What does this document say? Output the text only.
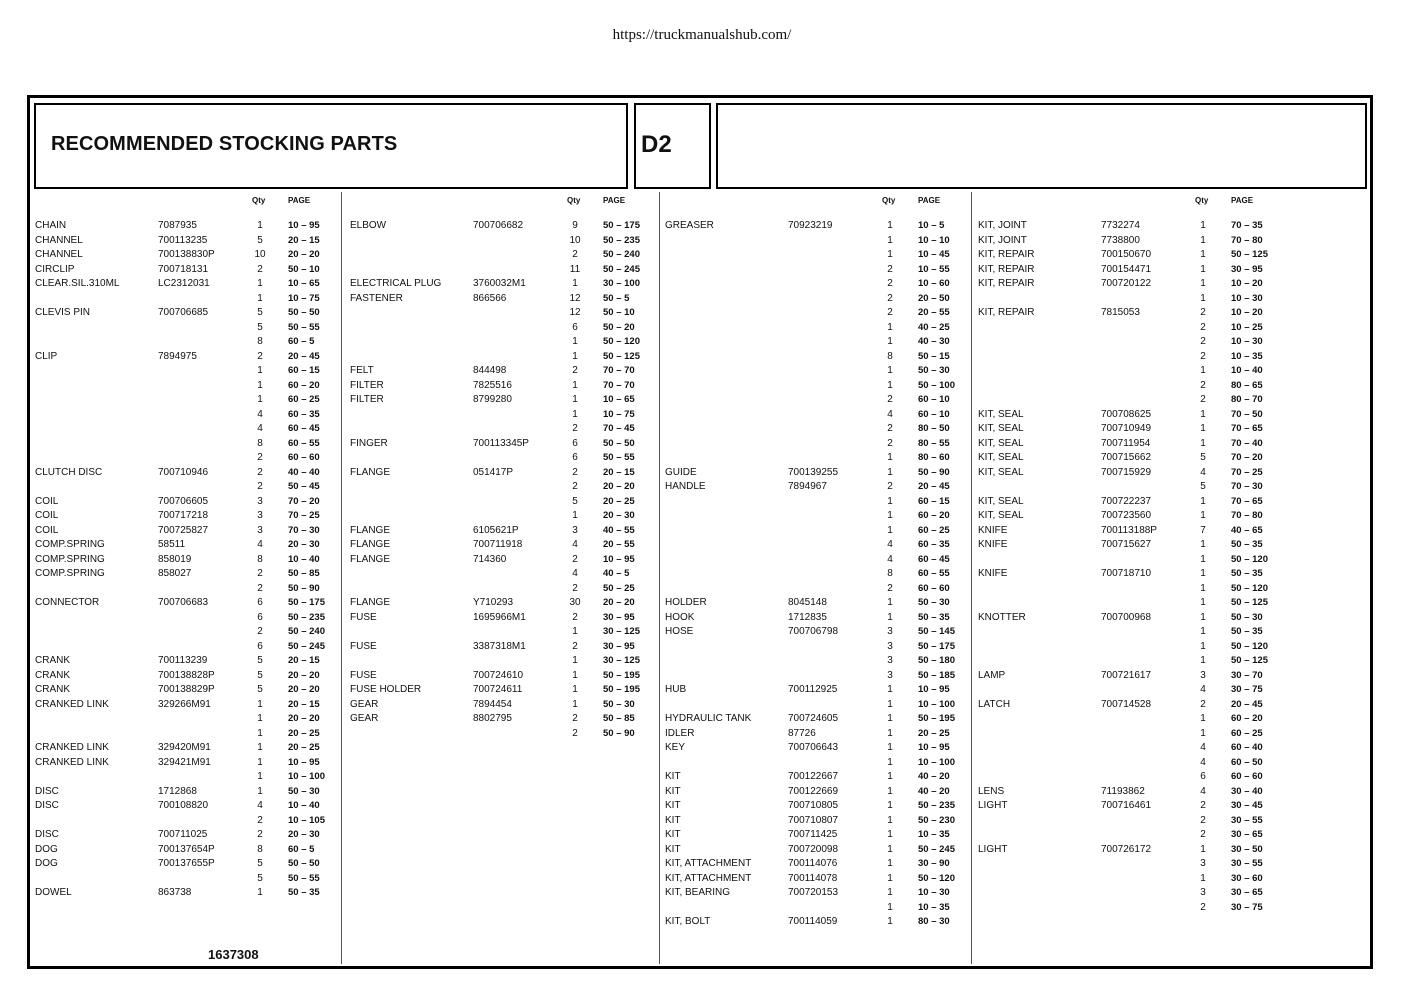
https://truckmanualshub.com/
RECOMMENDED STOCKING PARTS	D2
Qty	PAGE
CHAIN	7087935	1	10 – 95
CHANNEL	700113235	5	20 – 15
CHANNEL	700138830P	10	20 – 20
CIRCLIP	700718131	2	50 – 10
CLEAR.SIL.310ML	LC2312031	1	10 – 65
1	10 – 75
CLEVIS PIN	700706685	5	50 – 50
5	50 – 55
8	60 – 5
CLIP	7894975	2	20 – 45
1	60 – 15
1	60 – 20
1	60 – 25
4	60 – 35
4	60 – 45
8	60 – 55
2	60 – 60
CLUTCH DISC	700710946	2	40 – 40
2	50 – 45
COIL	700706605	3	70 – 20
COIL	700717218	3	70 – 25
COIL	700725827	3	70 – 30
COMP.SPRING	58511	4	20 – 30
COMP.SPRING	858019	8	10 – 40
COMP.SPRING	858027	2	50 – 85
2	50 – 90
CONNECTOR	700706683	6	50 – 175
6	50 – 235
2	50 – 240
6	50 – 245
CRANK	700113239	5	20 – 15
CRANK	700138828P	5	20 – 20
CRANK	700138829P	5	20 – 20
CRANKED LINK	329266M91	1	20 – 15
1	20 – 20
1	20 – 25
CRANKED LINK	329420M91	1	20 – 25
CRANKED LINK	329421M91	1	10 – 95
1	10 – 100
DISC	1712868	1	50 – 30
DISC	700108820	4	10 – 40
2	10 – 105
DISC	700711025	2	20 – 30
DOG	700137654P	8	60 – 5
DOG	700137655P	5	50 – 50
5	50 – 55
DOWEL	863738	1	50 – 35
Qty	PAGE
ELBOW	700706682	9	50 – 175
10	50 – 235
2	50 – 240
11	50 – 245
ELECTRICAL PLUG	3760032M1	1	30 – 100
FASTENER	866566	12	50 – 5
12	50 – 10
6	50 – 20
1	50 – 120
1	50 – 125
FELT	844498	2	70 – 70
FILTER	7825516	1	70 – 70
FILTER	8799280	1	10 – 65
1	10 – 75
2	70 – 45
FINGER	700113345P	6	50 – 50
6	50 – 55
FLANGE	051417P	2	20 – 15
2	20 – 20
5	20 – 25
1	20 – 30
FLANGE	6105621P	3	40 – 55
FLANGE	700711918	4	20 – 55
FLANGE	714360	2	10 – 95
4	40 – 5
2	50 – 25
FLANGE	Y710293	30	20 – 20
FUSE	1695966M1	2	30 – 95
1	30 – 125
FUSE	3387318M1	2	30 – 95
1	30 – 125
FUSE	700724610	1	50 – 195
FUSE HOLDER	700724611	1	50 – 195
GEAR	7894454	1	50 – 30
GEAR	8802795	2	50 – 85
2	50 – 90
Qty	PAGE
GREASER	70923219	1	10 – 5
1	10 – 10
1	10 – 45
2	10 – 55
2	10 – 60
2	20 – 50
2	20 – 55
1	40 – 25
1	40 – 30
8	50 – 15
1	50 – 30
1	50 – 100
2	60 – 10
4	60 – 10
2	80 – 50
2	80 – 55
1	80 – 60
GUIDE	700139255	1	50 – 90
HANDLE	7894967	2	20 – 45
1	60 – 15
1	60 – 20
1	60 – 25
4	60 – 35
4	60 – 45
8	60 – 55
2	60 – 60
HOLDER	8045148	1	50 – 30
HOOK	1712835	1	50 – 35
HOSE	700706798	3	50 – 145
3	50 – 175
3	50 – 180
3	50 – 185
HUB	700112925	1	10 – 95
1	10 – 100
HYDRAULIC TANK	700724605	1	50 – 195
IDLER	87726	1	20 – 25
KEY	700706643	1	10 – 95
1	10 – 100
KIT	700122667	1	40 – 20
KIT	700122669	1	40 – 20
KIT	700710805	1	50 – 235
KIT	700710807	1	50 – 230
KIT	700711425	1	10 – 35
KIT	700720098	1	50 – 245
KIT, ATTACHMENT	700114076	1	30 – 90
KIT, ATTACHMENT	700114078	1	50 – 120
KIT, BEARING	700720153	1	10 – 30
1	10 – 35
KIT, BOLT	700114059	1	80 – 30
Qty	PAGE
KIT, JOINT	7732274	1	70 – 35
KIT, JOINT	7738800	1	70 – 80
KIT, REPAIR	700150670	1	50 – 125
KIT, REPAIR	700154471	1	30 – 95
KIT, REPAIR	700720122	1	10 – 20
1	10 – 30
KIT, REPAIR	7815053	2	10 – 20
2	10 – 25
2	10 – 30
2	10 – 35
1	10 – 40
2	80 – 65
2	80 – 70
KIT, SEAL	700708625	1	70 – 50
KIT, SEAL	700710949	1	70 – 65
KIT, SEAL	700711954	1	70 – 40
KIT, SEAL	700715662	5	70 – 20
KIT, SEAL	700715929	4	70 – 25
5	70 – 30
KIT, SEAL	700722237	1	70 – 65
KIT, SEAL	700723560	1	70 – 80
KNIFE	700113188P	7	40 – 65
KNIFE	700715627	1	50 – 35
1	50 – 120
KNIFE	700718710	1	50 – 35
1	50 – 120
1	50 – 125
KNOTTER	700700968	1	50 – 30
1	50 – 35
1	50 – 120
1	50 – 125
LAMP	700721617	3	30 – 70
4	30 – 75
LATCH	700714528	2	20 – 45
1	60 – 20
1	60 – 25
4	60 – 40
4	60 – 50
6	60 – 60
LENS	71193862	4	30 – 40
LIGHT	700716461	2	30 – 45
2	30 – 55
2	30 – 65
LIGHT	700726172	1	30 – 50
3	30 – 55
1	30 – 60
3	30 – 65
2	30 – 75
1637308
